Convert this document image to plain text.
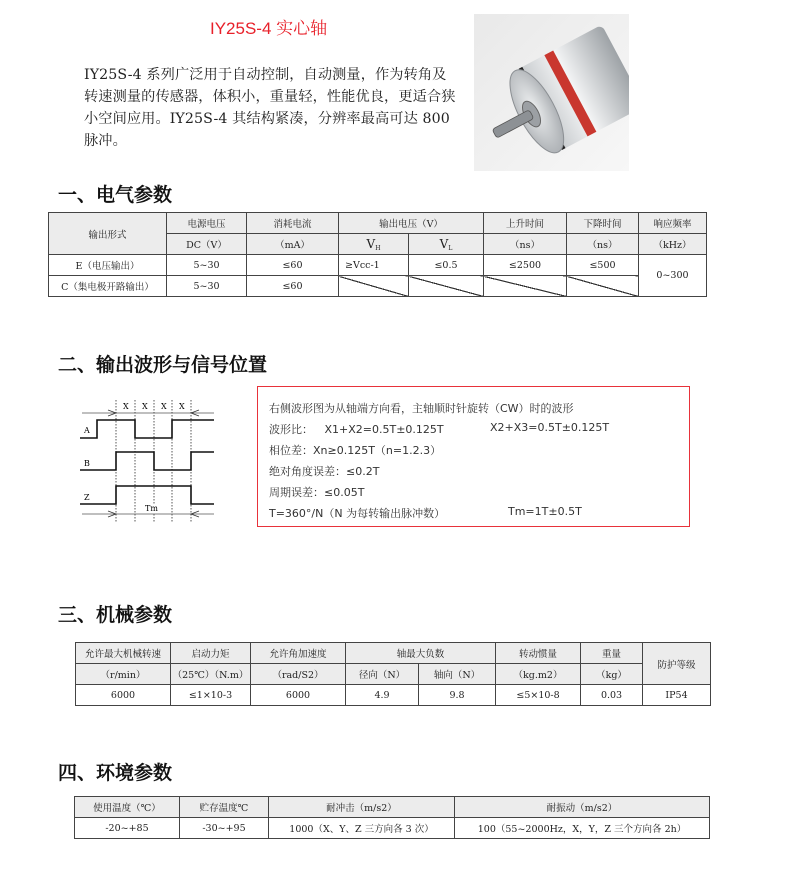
IY25S-4 实心轴
IY25S-4 系列广泛用于自动控制，自动测量，作为转角及转速测量的传感器，体积小，重量轻，性能优良，更适合狭小空间应用。IY25S-4 其结构紧凑，分辨率最高可达 800 脉冲。
一、电气参数
输出形式	电源电压	消耗电流	输出电压（V）		上升时间	下降时间	响应频率
	DC（V）	（mA）	$V_H$	$V_L$	（ns）	（ns）	（kHz）
E（电压输出）	5~30	≤60	≥Vcc-1	≤0.5	≤2500	≤500	0~300
C（集电极开路输出）	5~30	≤60					
二、输出波形与信号位置
X X X X
A
B
Z
Tm
右侧波形图为从轴端方向看，主轴顺时针旋转（CW）时的波形
波形比： X1+X2=0.5T±0.125T	X2+X3=0.5T±0.125T
相位差：Xn≥0.125T（n=1.2.3）
绝对角度误差：≤0.2T
周期误差：≤0.05T
T=360°/N（N 为每转输出脉冲数）	Tm=1T±0.5T
三、机械参数
允许最大机械转速	启动力矩	允许角加速度	轴最大负数		转动惯量	重量	防护等级
（r/min）	（25℃）（N.m）	（rad/S2）	径向（N）	轴向（N）	（kg.m2）	（kg）	
6000	≤1×10-3	6000	4.9	9.8	≤5×10-8	0.03	IP54
四、环境参数
使用温度（℃）	贮存温度℃	耐冲击（m/s2）	耐振动（m/s2）
-20~+85	-30~+95	1000（X、Y、Z 三方向各 3 次）	100（55~2000Hz，X，Y，Z 三个方向各 2h）
